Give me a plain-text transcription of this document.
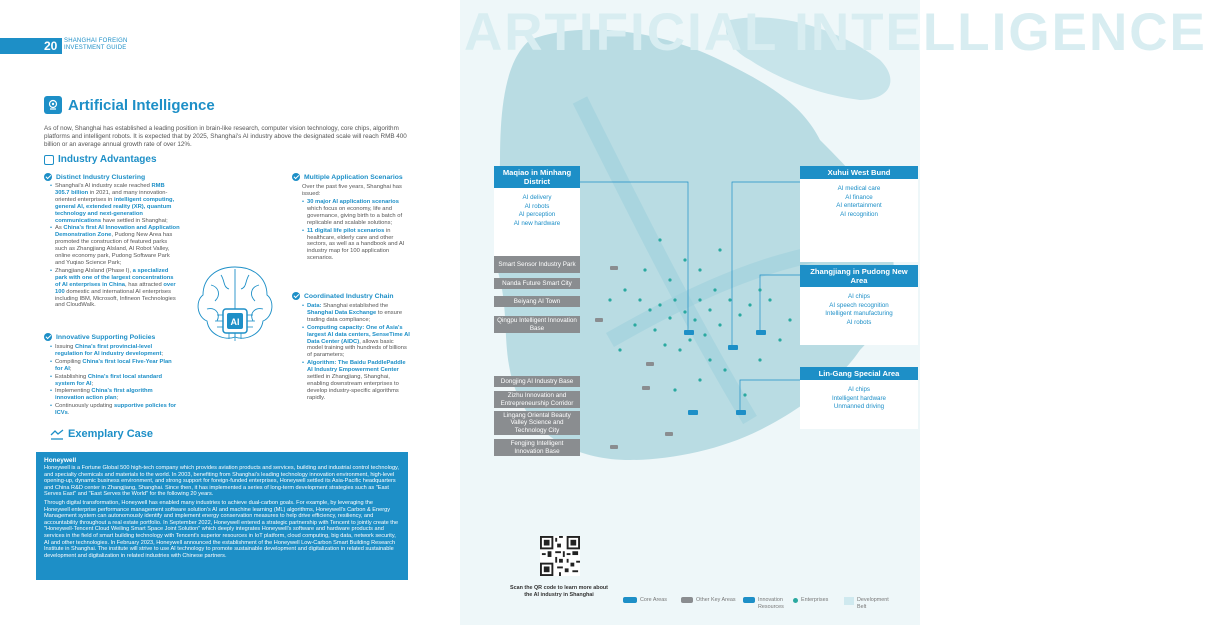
20 SHANGHAI FOREIGN
INVESTMENT GUIDE
Artificial Intelligence

As of now, Shanghai has established a leading position in brain-like research, computer vision technology, core chips, algorithm platforms and intelligent robots. It is expected that by 2025, Shanghai's AI industry above the designated scale will reach RMB 400 billion or an average annual growth rate of over 12%.

Industry Advantages
Distinct Industry Clustering
• Shanghai's AI industry scale reached RMB 305.7 billion in 2021, and many innovation-oriented enterprises in intelligent computing, general AI, extended reality (XR), quantum technology and next-generation communications have settled in Shanghai;
• As China's first AI Innovation and Application Demonstration Zone, Pudong New Area has promoted the construction of featured parks such as Zhangjiang AIsland, AI Robot Valley, online economy park, Pudong Software Park and Yuqiao Science Park;
• Zhangjiang AIsland (Phase I), a specialized park with one of the largest concentrations of AI enterprises in China, has attracted over 100 domestic and international AI enterprises including IBM, Microsoft, Infineon Technologies and CloudWalk.
Innovative Supporting Policies
• Issuing China's first provincial-level regulation for AI industry development;
• Compiling China's first local Five-Year Plan for AI;
• Establishing China's first local standard system for AI;
• Implementing China's first algorithm innovation action plan;
• Continuously updating supportive policies for ICVs.
AI
Multiple Application Scenarios
Over the past five years, Shanghai has issued:
• 30 major AI application scenarios which focus on economy, life and governance, giving birth to a batch of replicable and scalable solutions;
• 11 digital life pilot scenarios in healthcare, elderly care and other sectors, as well as a handbook and AI industry map for 100 application scenarios.
Coordinated Industry Chain
• Data: Shanghai established the Shanghai Data Exchange to ensure trading data compliance;
• Computing capacity: One of Asia's largest AI data centers, SenseTime AI Data Center (AIDC), allows basic model training with hundreds of billions of parameters;
• Algorithm: The Baidu PaddlePaddle AI Industry Empowerment Center settled in Zhangjiang, Shanghai, enabling downstream enterprises to develop industry-specific algorithms rapidly.
Exemplary Case
Honeywell

Honeywell is a Fortune Global 500 high-tech company which provides aviation products and services, building and industrial control technology, and specialty chemicals and materials to the world. In 2003, benefiting from Shanghai's leading technology innovation environment, high-level opening-up, dynamic business environment, and strong support for foreign-funded enterprises, Honeywell settled its Asia-Pacific headquarters and China R&D center in Zhangjiang, Shanghai. Since then, it has implemented a series of long-term development strategies such as "East Serves East" and "East Serves the World" for the following 20 years.

Through digital transformation, Honeywell has enabled many industries to achieve dual-carbon goals. For example, by leveraging the Honeywell enterprise performance management software solution's AI and machine learning (ML) algorithms, Honeywell's Carbon & Energy Management system can autonomously identify and implement energy conservation measures to help drive efficiency, resiliency, and accountability throughout a real estate portfolio. In September 2022, Honeywell entered a strategic partnership with Tencent to jointly create the "Honeywell-Tencent Cloud Weiling Smart Space Joint Solution" which deeply integrates Honeywell's software and hardware products and services in the field of smart building technology with Tencent's superior resources in IoT platform, cloud computing, big data, network security, AI and other technologies. In February 2023, Honeywell announced the establishment of the Honeywell Low-Carbon Smart Building Research Institute in Shanghai. The institute will strive to use AI technology to promote sustainable development and digitalization in related sustainable development and digitalization in related industries with Chinese partners.

ARTIFICIAL INTELLIGENCE
Maqiao in Minhang District
AI delivery
AI robots
AI perception
AI new hardware
Xuhui West Bund
AI medical care
AI finance
AI entertainment
AI recognition
Zhangjiang in Pudong New Area
AI chips
AI speech recognition
Intelligent manufacturing
AI robots
Lin-Gang Special Area
AI chips
Intelligent hardware
Unmanned driving
Smart Sensor Industry Park
Nanda Future Smart City
Beiyang AI Town
Qingpu Intelligent Innovation Base
Dongjing AI Industry Base
Zizhu Innovation and Entrepreneurship Corridor
Lingang Oriental Beauty Valley Science and Technology City
Fengjing Intelligent Innovation Base
Scan the QR code to learn more about the AI industry in Shanghai
Core Areas	Other Key Areas	Innovation Resources
Enterprises	Development Belt
